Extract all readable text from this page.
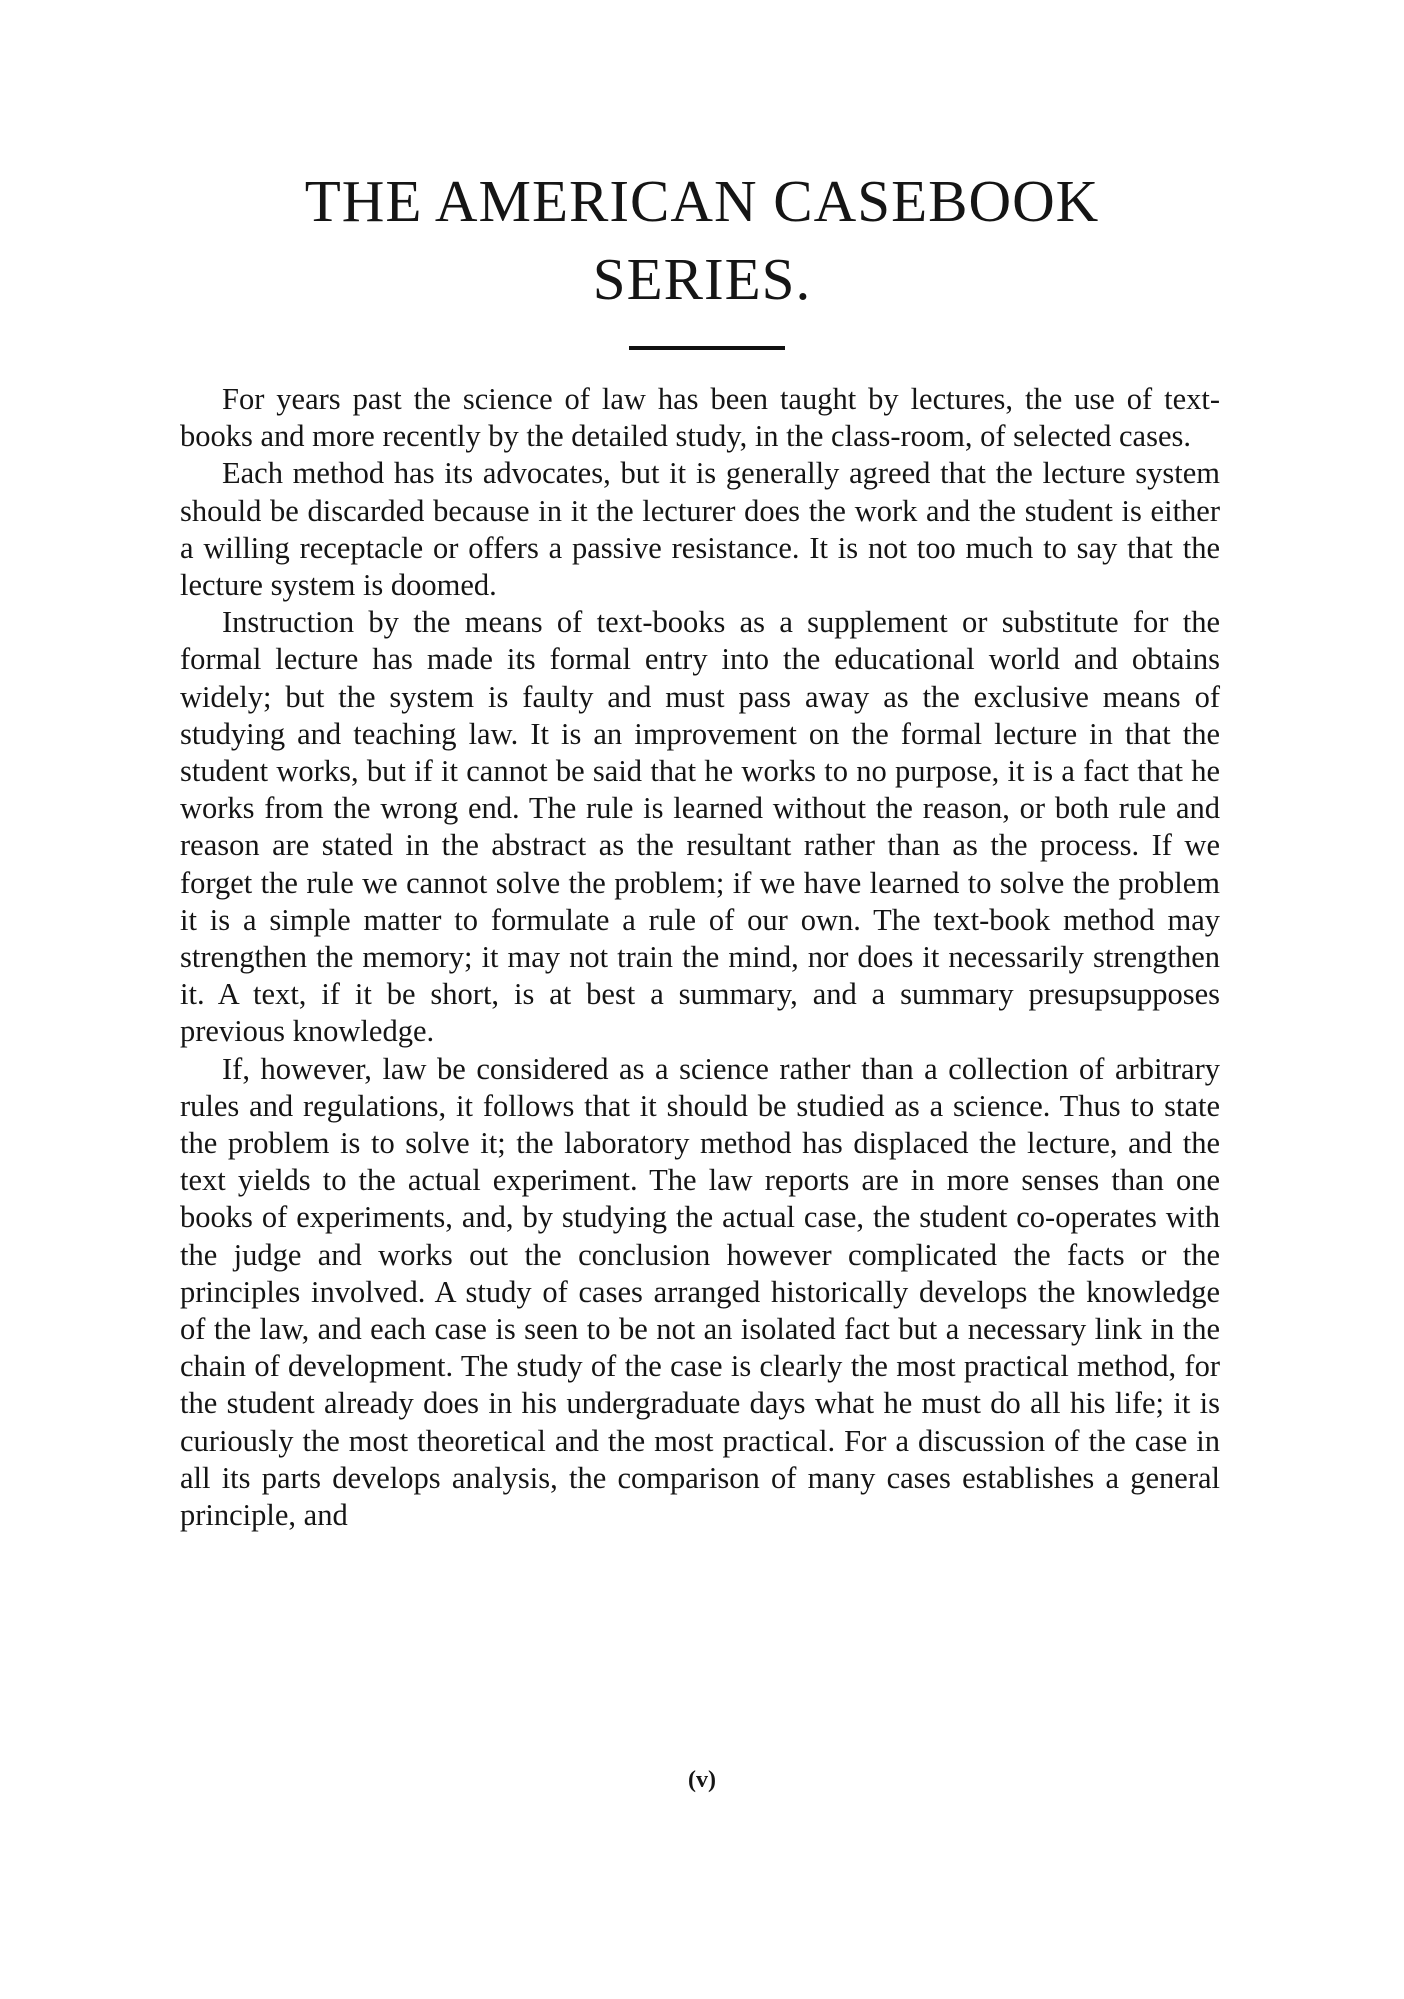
THE AMERICAN CASEBOOK
SERIES.

For years past the science of law has been taught by lectures, the use of text-books and more recently by the detailed study, in the class-room, of selected cases.

Each method has its advocates, but it is generally agreed that the lecture system should be discarded because in it the lecturer does the work and the student is either a willing receptacle or offers a passive resistance. It is not too much to say that the lecture system is doomed.

Instruction by the means of text-books as a supplement or substitute for the formal lecture has made its formal entry into the educational world and obtains widely; but the system is faulty and must pass away as the exclusive means of studying and teaching law. It is an improvement on the formal lecture in that the student works, but if it cannot be said that he works to no purpose, it is a fact that he works from the wrong end. The rule is learned without the reason, or both rule and reason are stated in the abstract as the resultant rather than as the process. If we forget the rule we cannot solve the problem; if we have learned to solve the problem it is a simple matter to formulate a rule of our own. The text-book method may strengthen the memory; it may not train the mind, nor does it necessarily strengthen it. A text, if it be short, is at best a summary, and a summary presupsupposes previous knowledge.

If, however, law be considered as a science rather than a collection of arbitrary rules and regulations, it follows that it should be studied as a science. Thus to state the problem is to solve it; the laboratory method has displaced the lecture, and the text yields to the actual experiment. The law reports are in more senses than one books of experiments, and, by studying the actual case, the student co-operates with the judge and works out the conclusion however complicated the facts or the principles involved. A study of cases arranged historically develops the knowledge of the law, and each case is seen to be not an isolated fact but a necessary link in the chain of development. The study of the case is clearly the most practical method, for the student already does in his undergraduate days what he must do all his life; it is curiously the most theoretical and the most practical. For a discussion of the case in all its parts develops analysis, the comparison of many cases establishes a general principle, and

(v)
